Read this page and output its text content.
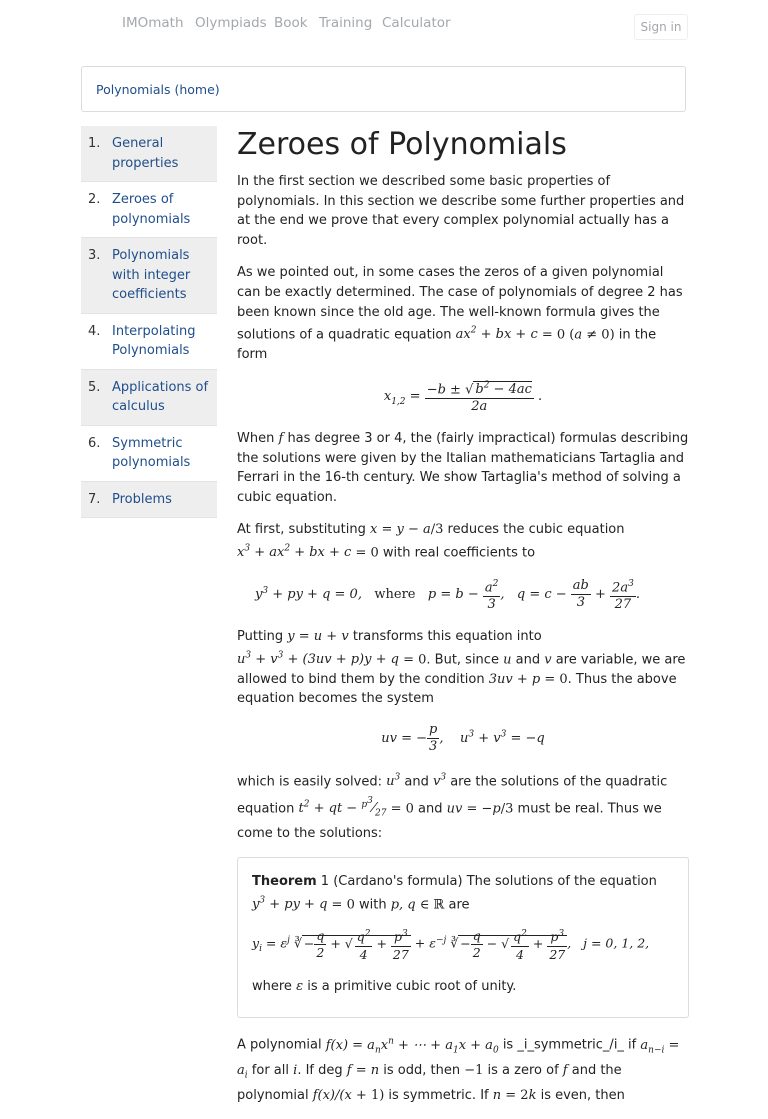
IMOmath Olympiads Book Training Calculator	Sign in
Polynomials (home)
1. General properties
2. Zeroes of polynomials
3. Polynomials with integer coefficients
4. Interpolating Polynomials
5. Applications of calculus
6. Symmetric polynomials
7. Problems
Zeroes of Polynomials

In the first section we described some basic properties of polynomials. In this section we describe some further properties and at the end we prove that every complex polynomial actually has a root.

As we pointed out, in some cases the zeros of a given polynomial can be exactly determined. The case of polynomials of degree 2 has been known since the old age. The well-known formula gives the solutions of a quadratic equation $ax^2$ + bx + c = 0 (a ≠ 0) in the form

$x_{1,2} = \frac{-b \pm √ b^2 - 4ac}{2a}$ .

When f has degree 3 or 4, the (fairly impractical) formulas describing the solutions were given by the Italian mathematicians Tartaglia and Ferrari in the 16-th century. We show Tartaglia's method of solving a cubic equation.

At first, substituting x = y − a/3 reduces the cubic equation
$x^3 + ax^2$ + bx + c = 0 with real coefficients to

$y^3$ + py + q = 0, where   $p = b - \frac{a^2}{3}$ ,   $q = c - \frac{ab}{3} + \frac{2a^3}{27}$ .

Putting y = u + v transforms this equation into
$u^3 + v^3 + (3uv + p)y + q = 0$. But, since u and v are variable, we are allowed to bind them by the condition 3uv + p = 0. Thus the above equation becomes the system

uv = − $\frac{p}{3}$ ,    $u^3 + v^3 = -q$

which is easily solved: $u^3$ and $v^3$ are the solutions of the quadratic equation $t^2$ + qt − $^{p^3}⁄_{27} = 0$ and uv = −p/3 must be real. Thus we come to the solutions:

Theorem 1 (Cardano's formula) The solutions of the equation
$y^3$ + py + q = 0 with p, q ∈ ℝ are

$y_i = \varepsilon^j$ ∛ − $\frac{q}{2}$ + √ $\frac{q^2}{4} + \frac{p^3}{27} + \varepsilon^{-j}$ ∛ − $\frac{q}{2}$ − √ $\frac{q^2}{4} + \frac{p^3}{27}$ ,   j = 0, 1, 2,

where ε is a primitive cubic root of unity.

A polynomial $f(x) = a_nx^n$ + ⋯ + $a_1x + a_0$ is _i_symmetric_/i_ if $a_{n-i} = a_i$ for all i. If deg f = n is odd, then −1 is a zero of f and the polynomial f(x)/(x + 1) is symmetric. If n = 2k is even, then
